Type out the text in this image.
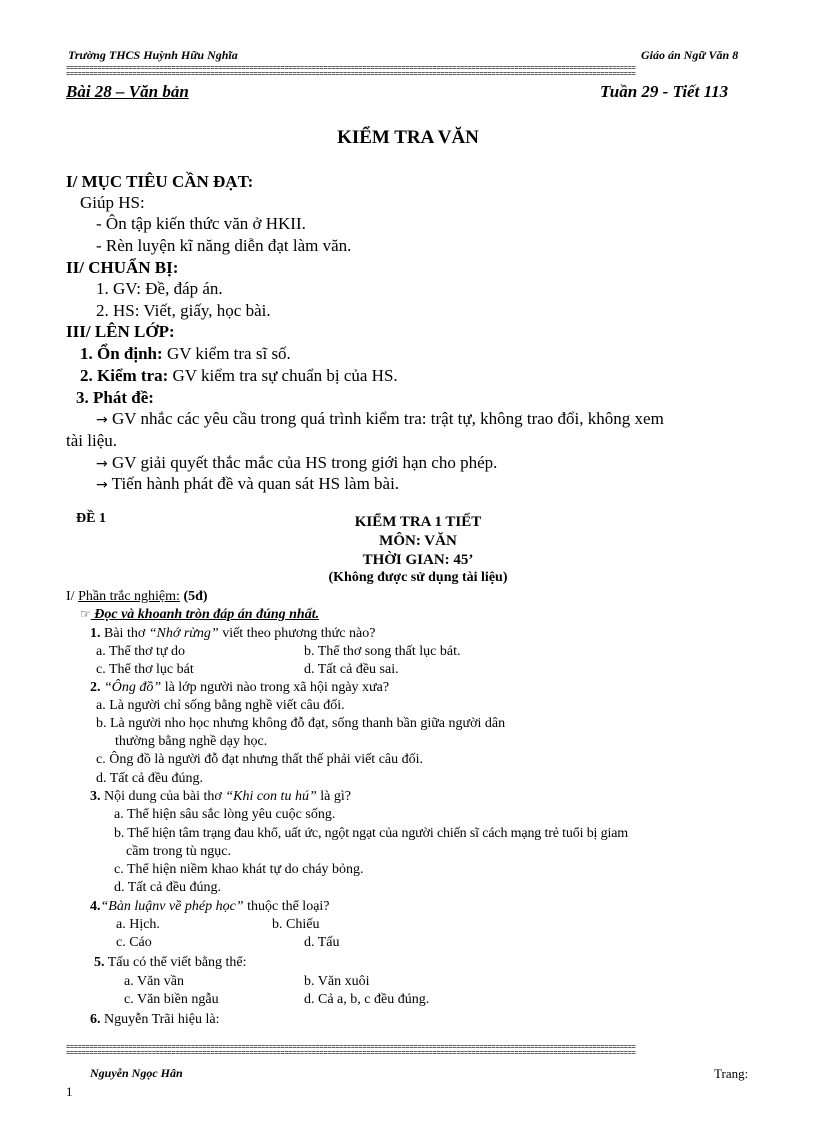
Trường THCS Huỳnh Hữu Nghĩa	Giáo án Ngữ Văn 8
==================================================================================================================================================
==================================================================================================================================================
Bài 28 – Văn bản	Tuần 29 - Tiết 113
KIỂM TRA VĂN
I/ MỤC TIÊU CẦN ĐẠT:
Giúp HS:
- Ôn tập kiến thức văn ở HKII.
- Rèn luyện kĩ năng diễn đạt làm văn.
II/ CHUẨN BỊ:
1. GV: Đề, đáp án.
2. HS: Viết, giấy, học bài.
III/ LÊN LỚP:
1. Ổn định: GV kiểm tra sĩ số.
2. Kiểm tra: GV kiểm tra sự chuẩn bị của HS.
3. Phát đề:
→ GV nhắc các yêu cầu trong quá trình kiểm tra: trật tự, không trao đổi, không xem
tài liệu.
→ GV giải quyết thắc mắc của HS trong giới hạn cho phép.
→ Tiến hành phát đề và quan sát HS làm bài.
ĐỀ 1	KIỂM TRA 1 TIẾT
MÔN: VĂN
THỜI GIAN: 45’
(Không được sử dụng tài liệu)
I/ Phần trắc nghiệm: (5đ)
☞ Đọc và khoanh tròn đáp án đúng nhất.
1. Bài thơ “Nhớ rừng” viết theo phương thức nào?
a. Thể thơ tự do	b. Thể thơ song thất lục bát.
c. Thể thơ lục bát	d. Tất cả đều sai.
2. “Ông đồ” là lớp người nào trong xã hội ngày xưa?
a. Là người chỉ sống bằng nghề viết câu đối.
b. Là người nho học nhưng không đỗ đạt, sống thanh bần giữa người dân
thường bằng nghề dạy học.
c. Ông đồ là người đỗ đạt nhưng thất thế phải viết câu đối.
d. Tất cả đều đúng.
3. Nội dung của bài thơ “Khi con tu hú” là gì?
a. Thể hiện sâu sắc lòng yêu cuộc sống.
b. Thể hiện tâm trạng đau khổ, uất ức, ngột ngạt của người chiến sĩ cách mạng trẻ tuổi bị giam
cầm trong tù ngục.
c. Thể hiện niềm khao khát tự do cháy bỏng.
d. Tất cả đều đúng.
4.“Bàn luậnv về phép học” thuộc thể loại?
a. Hịch.	b. Chiếu
c. Cáo	d. Tấu
5. Tấu có thể viết bằng thể:
a. Văn vần	b. Văn xuôi
c. Văn biền ngẫu	d. Cả a, b, c đều đúng.
6. Nguyễn Trãi hiệu là:
==================================================================================================================================================
==================================================================================================================================================
Nguyễn Ngọc Hân	Trang:
1
